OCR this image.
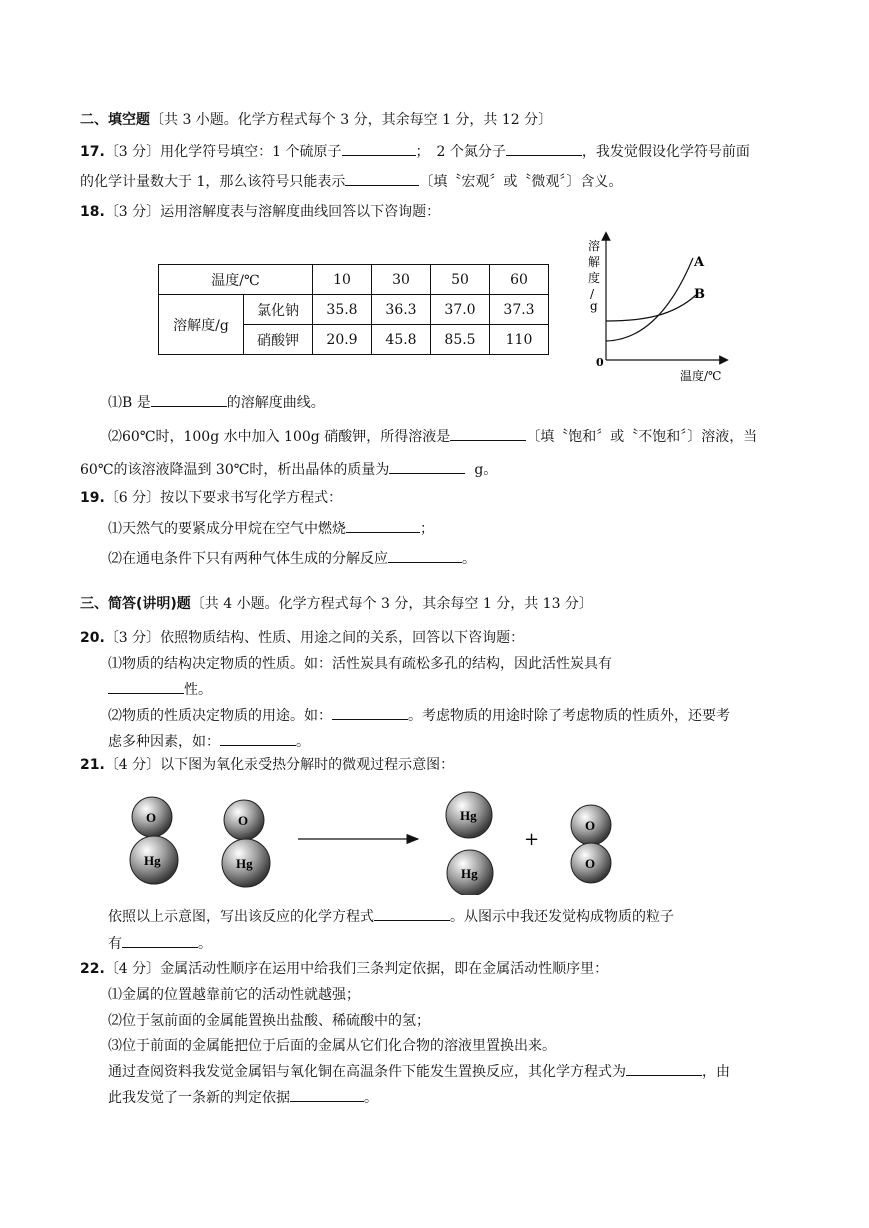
二、填空题〔共 3 小题。化学方程式每个 3 分，其余每空 1 分，共 12 分〕
17.〔3 分〕用化学符号填空：1 个硫原子	；　2 个氮分子	，我发觉假设化学符号前面
的化学计量数大于 1，那么该符号只能表示	〔填〝宏观〞或〝微观〞〕含义。
18.〔3 分〕运用溶解度表与溶解度曲线回答以下咨询题：
温度/℃		10	30	50	60
溶解度/g	氯化钠	35.8	36.3	37.0	37.3
	硝酸钾	20.9	45.8	85.5	110
溶
解
度
/
g
0
A
B
温度/℃
⑴B 是	的溶解度曲线。
⑵60℃时，100g 水中加入 100g 硝酸钾，所得溶液是	〔填〝饱和〞或〝不饱和〞〕溶液，当
60℃的该溶液降温到 30℃时，析出晶体的质量为	g。
19.〔6 分〕按以下要求书写化学方程式：
⑴天然气的要紧成分甲烷在空气中燃烧	；
⑵在通电条件下只有两种气体生成的分解反应	。
三、简答(讲明)题〔共 4 小题。化学方程式每个 3 分，其余每空 1 分，共 13 分〕
20.〔3 分〕依照物质结构、性质、用途之间的关系，回答以下咨询题：
⑴物质的结构决定物质的性质。如：活性炭具有疏松多孔的结构，因此活性炭具有
性。
⑵物质的性质决定物质的用途。如：	。考虑物质的用途时除了考虑物质的性质外，还要考
虑多种因素，如：	。
21.〔4 分〕以下图为氧化汞受热分解时的微观过程示意图：
O
Hg
O
Hg
Hg
Hg
+
O
O
依照以上示意图，写出该反应的化学方程式	。从图示中我还发觉构成物质的粒子
有	。
22.〔4 分〕金属活动性顺序在运用中给我们三条判定依据，即在金属活动性顺序里：
⑴金属的位置越靠前它的活动性就越强；
⑵位于氢前面的金属能置换出盐酸、稀硫酸中的氢；
⑶位于前面的金属能把位于后面的金属从它们化合物的溶液里置换出来。
通过查阅资料我发觉金属铝与氧化铜在高温条件下能发生置换反应，其化学方程式为	，由
此我发觉了一条新的判定依据	。
